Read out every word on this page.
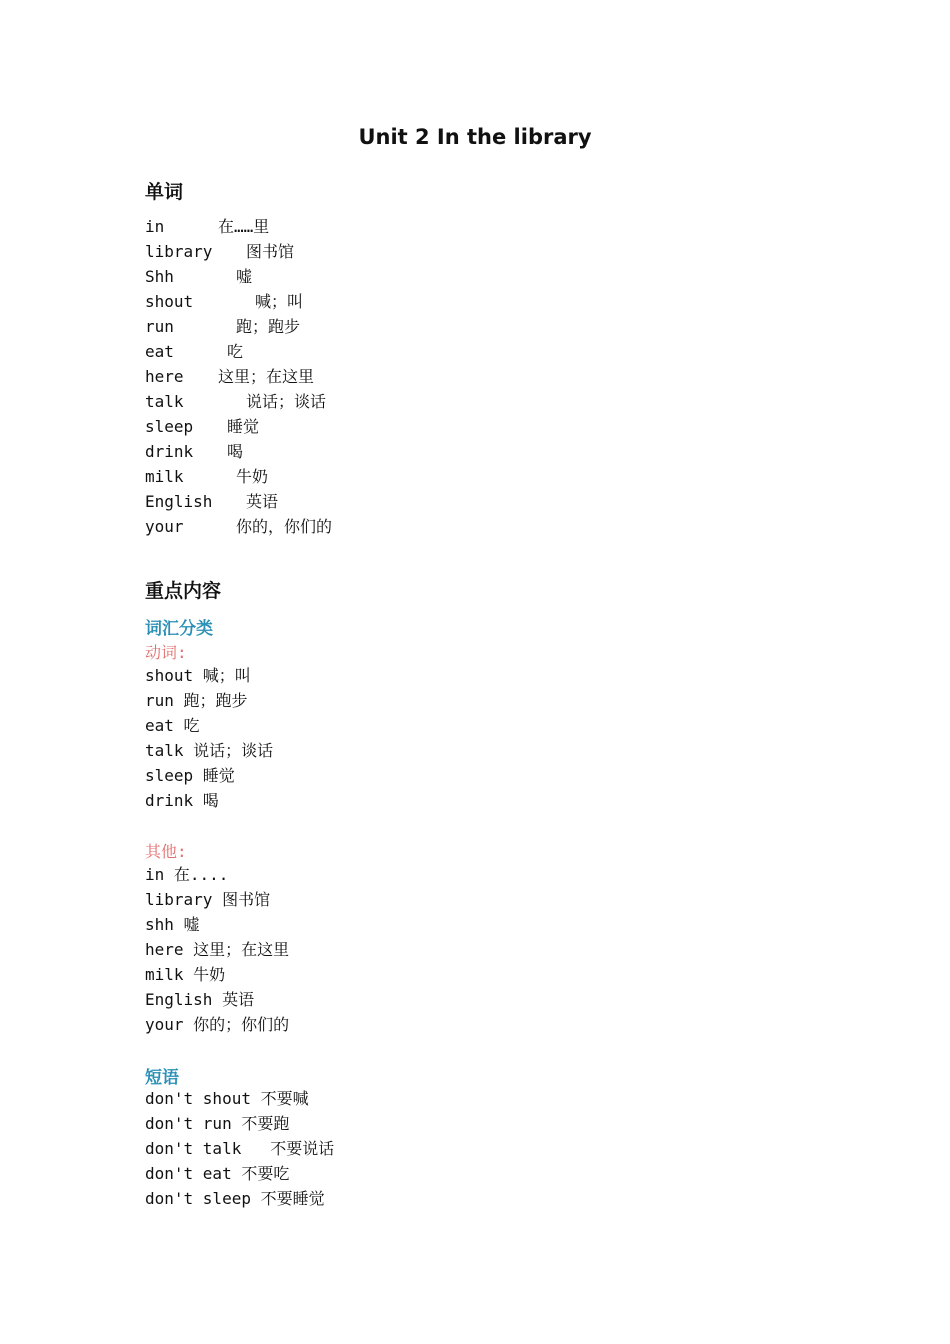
Unit 2 In the library
单词
in	在……里
library 图书馆
Shh	嘘
shout	喊；叫
run	跑；跑步
eat	吃
here 这里；在这里
talk	说话；谈话
sleep 睡觉
drink 喝
milk	牛奶
English 英语
your	你的，你们的
重点内容
词汇分类
动词:
shout 喊；叫
run 跑；跑步
eat 吃
talk 说话；谈话
sleep 睡觉
drink 喝
其他:
in 在....
library 图书馆
shh 嘘
here 这里；在这里
milk 牛奶
English 英语
your 你的；你们的
短语
don't shout 不要喊
don't run 不要跑
don't talk   不要说话
don't eat 不要吃
don't sleep 不要睡觉
